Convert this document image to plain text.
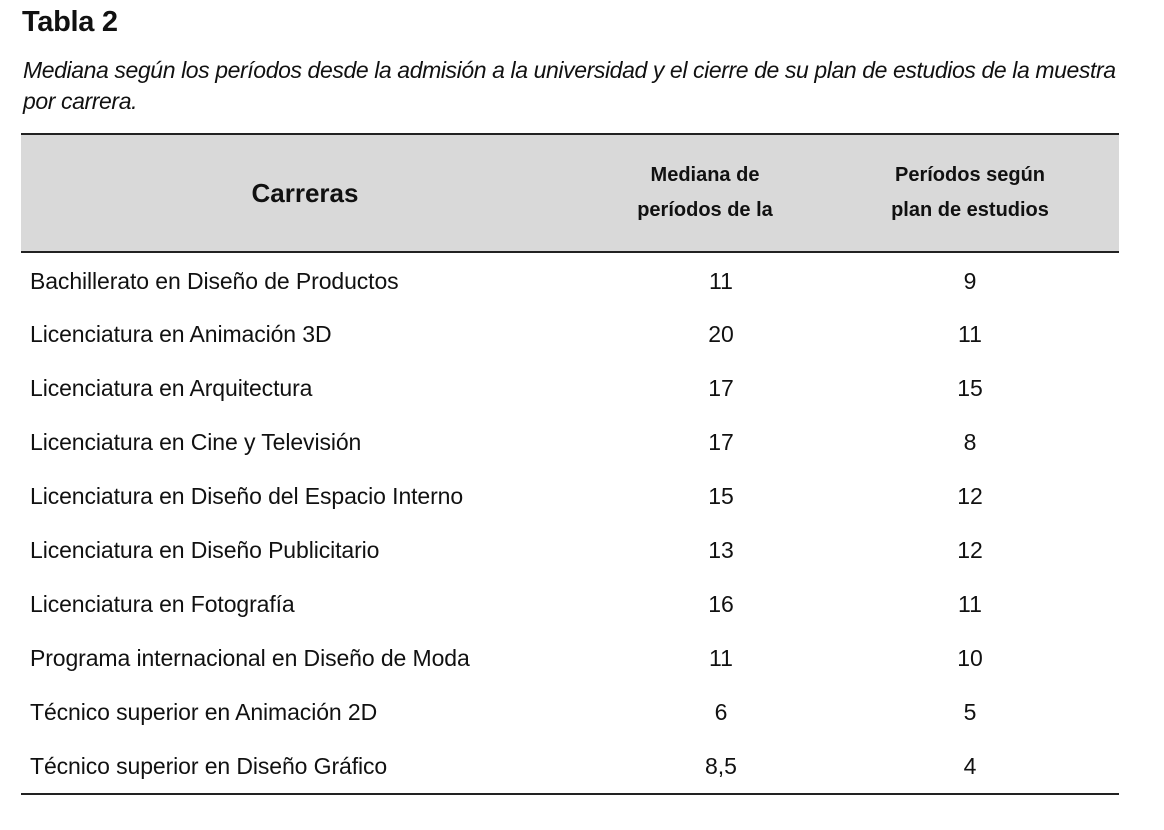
Tabla 2
Mediana según los períodos desde la admisión a la universidad y el cierre de su plan de estudios de la muestra por carrera.
Carreras	Mediana de períodos de la	Períodos según plan de estudios

Bachillerato en Diseño de Productos	11	9
Licenciatura en Animación 3D	20	11
Licenciatura en Arquitectura	17	15
Licenciatura en Cine y Televisión	17	8
Licenciatura en Diseño del Espacio Interno	15	12
Licenciatura en Diseño Publicitario	13	12
Licenciatura en Fotografía	16	11
Programa internacional en Diseño de Moda	11	10
Técnico superior en Animación 2D	6	5
Técnico superior en Diseño Gráfico	8,5	4
